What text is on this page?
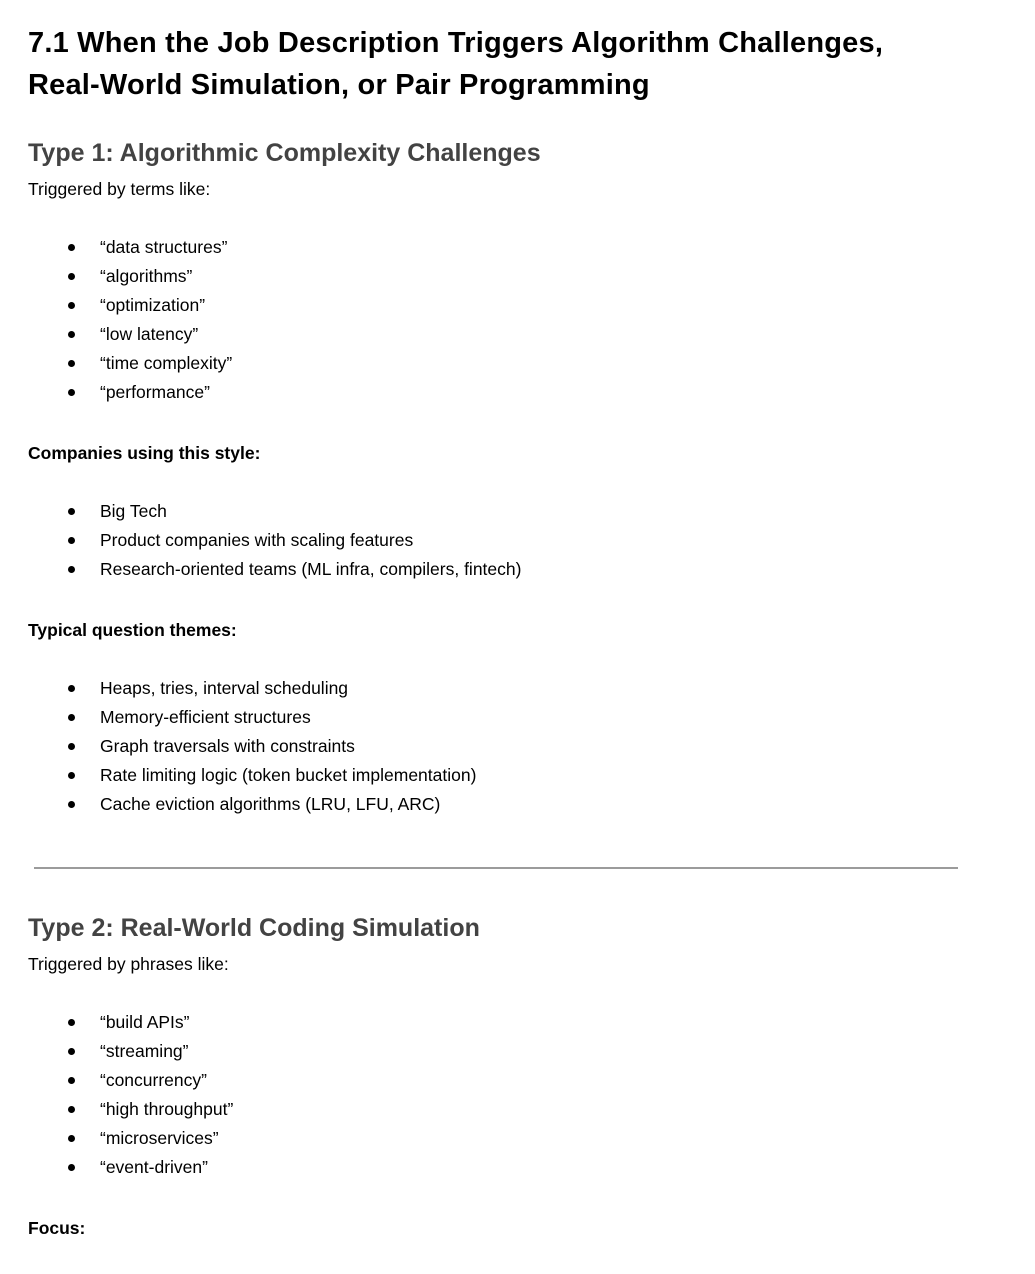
7.1 When the Job Description Triggers Algorithm Challenges, Real-World Simulation, or Pair Programming
Type 1: Algorithmic Complexity Challenges

Triggered by terms like:

“data structures”
“algorithms”
“optimization”
“low latency”
“time complexity”
“performance”

Companies using this style:

Big Tech
Product companies with scaling features
Research-oriented teams (ML infra, compilers, fintech)

Typical question themes:

Heaps, tries, interval scheduling
Memory-efficient structures
Graph traversals with constraints
Rate limiting logic (token bucket implementation)
Cache eviction algorithms (LRU, LFU, ARC)
Type 2: Real-World Coding Simulation

Triggered by phrases like:

“build APIs”
“streaming”
“concurrency”
“high throughput”
“microservices”
“event-driven”

Focus:
